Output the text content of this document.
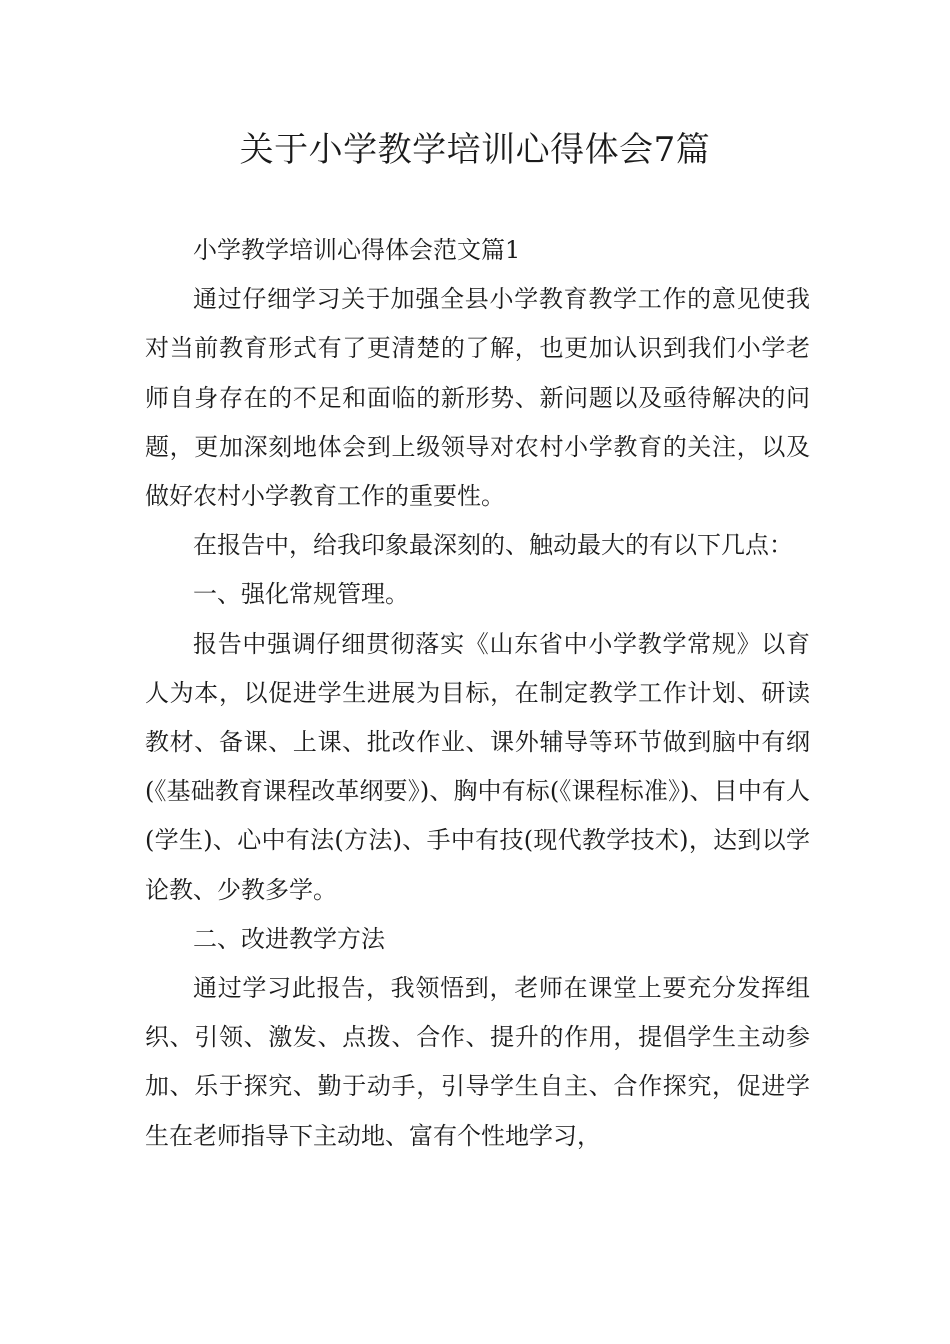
关于小学教学培训心得体会7篇

小学教学培训心得体会范文篇1

通过仔细学习关于加强全县小学教育教学工作的意见使我对当前教育形式有了更清楚的了解，也更加认识到我们小学老师自身存在的不足和面临的新形势、新问题以及亟待解决的问题，更加深刻地体会到上级领导对农村小学教育的关注，以及做好农村小学教育工作的重要性。

在报告中，给我印象最深刻的、触动最大的有以下几点：

一、强化常规管理。

报告中强调仔细贯彻落实《山东省中小学教学常规》以育人为本，以促进学生进展为目标，在制定教学工作计划、研读教材、备课、上课、批改作业、课外辅导等环节做到脑中有纲(《基础教育课程改革纲要》)、胸中有标(《课程标准》)、目中有人(学生)、心中有法(方法)、手中有技(现代教学技术)，达到以学论教、少教多学。

二、改进教学方法

通过学习此报告，我领悟到，老师在课堂上要充分发挥组织、引领、激发、点拨、合作、提升的作用，提倡学生主动参加、乐于探究、勤于动手，引导学生自主、合作探究，促进学生在老师指导下主动地、富有个性地学习，
